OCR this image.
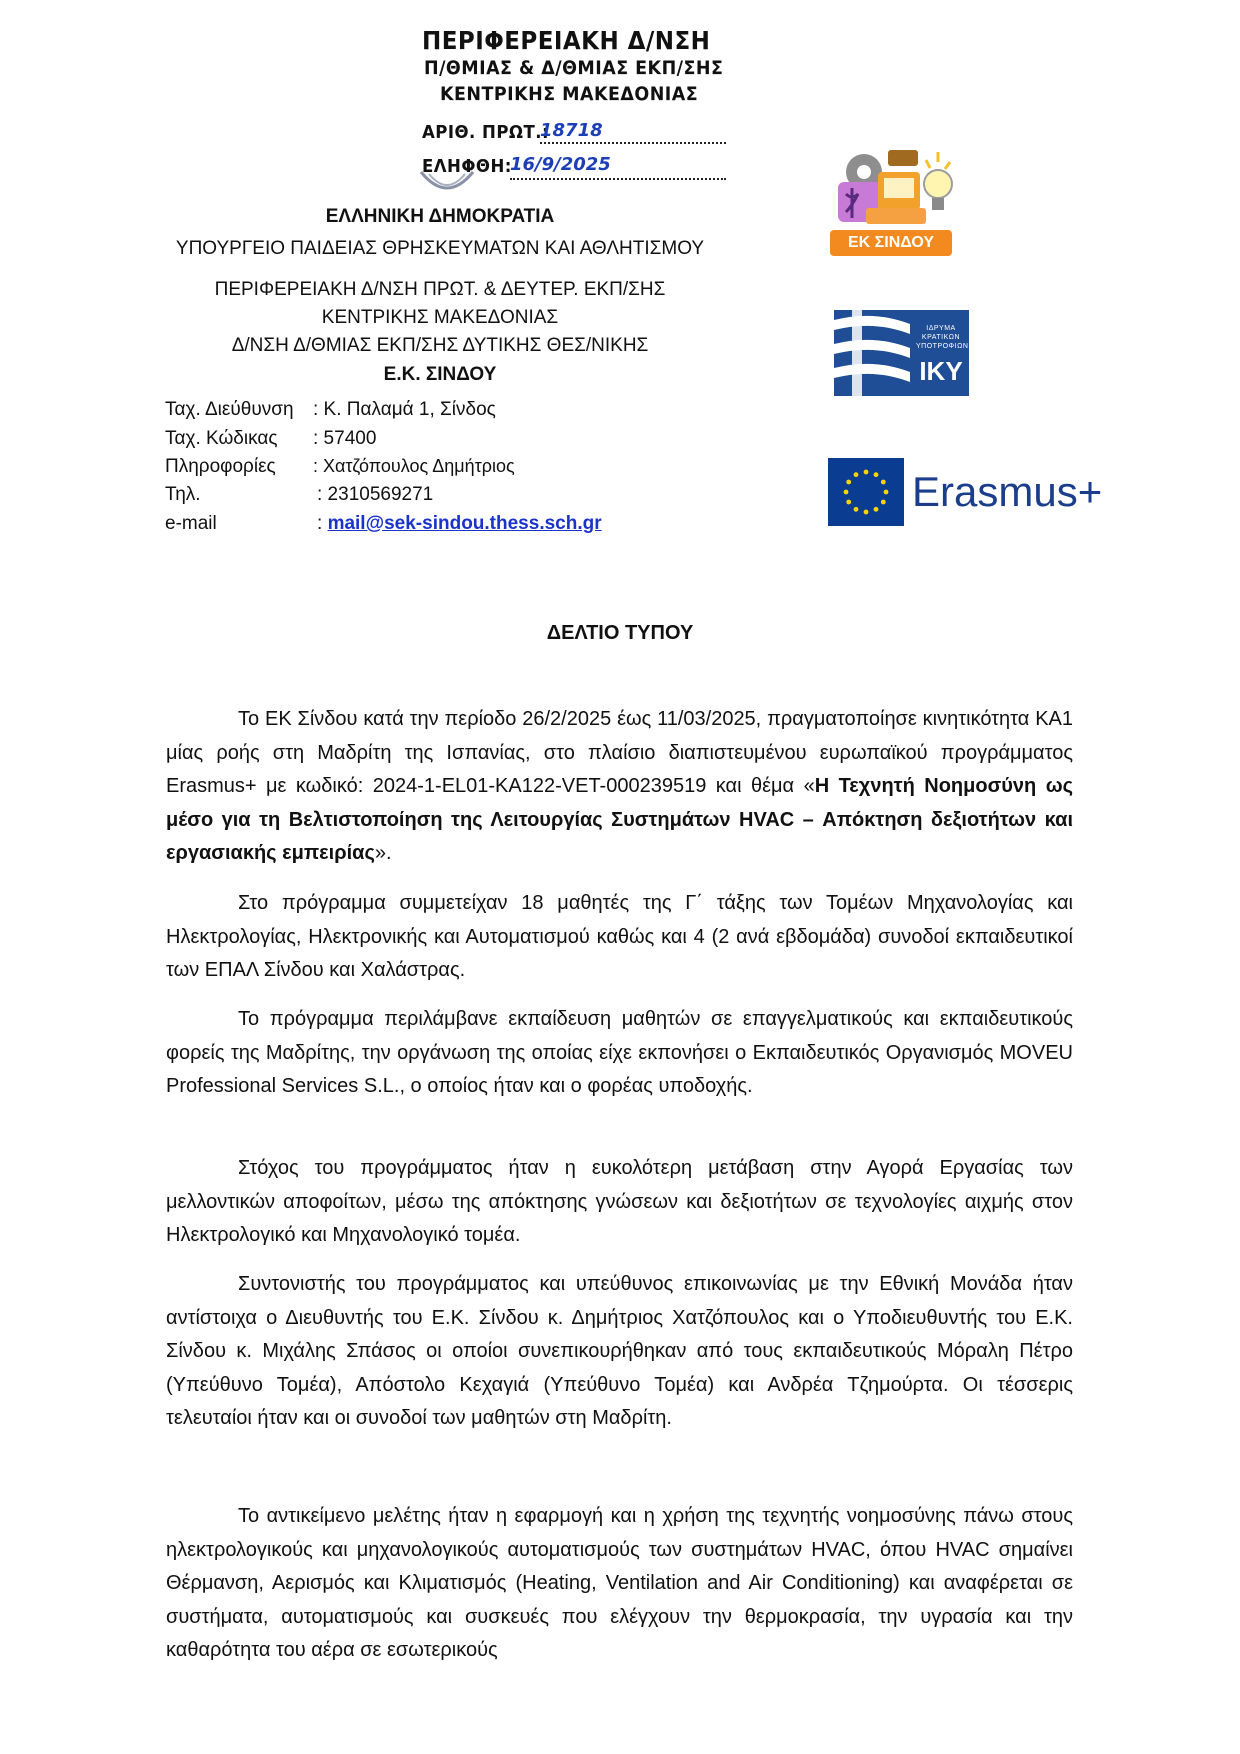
ΠΕΡΙΦΕΡΕΙΑΚΗ Δ/ΝΣΗ
Π/ΘΜΙΑΣ & Δ/ΘΜΙΑΣ ΕΚΠ/ΣΗΣ
ΚΕΝΤΡΙΚΗΣ ΜΑΚΕΔΟΝΙΑΣ
ΑΡΙΘ. ΠΡΩΤ.:
18718
ΕΛΗΦΘΗ:
16/9/2025
ΕΛΛΗΝΙΚΗ ΔΗΜΟΚΡΑΤΙΑ
ΥΠΟΥΡΓΕΙΟ ΠΑΙΔΕΙΑΣ ΘΡΗΣΚΕΥΜΑΤΩΝ ΚΑΙ ΑΘΛΗΤΙΣΜΟΥ
ΠΕΡΙΦΕΡΕΙΑΚΗ Δ/ΝΣΗ ΠΡΩΤ. & ΔΕΥΤΕΡ. ΕΚΠ/ΣΗΣ
ΚΕΝΤΡΙΚΗΣ ΜΑΚΕΔΟΝΙΑΣ
Δ/ΝΣΗ Δ/ΘΜΙΑΣ ΕΚΠ/ΣΗΣ ΔΥΤΙΚΗΣ ΘΕΣ/ΝΙΚΗΣ
Ε.Κ. ΣΙΝΔΟΥ
Ταχ. Διεύθυνση : Κ. Παλαμά 1, Σίνδος
Ταχ. Κώδικας : 57400
Πληροφορίες : Χατζόπουλος Δημήτριος
Τηλ.	: 2310569271
e-mail	: mail@sek-sindou.thess.sch.gr
ΕΚ ΣΙΝΔΟΥ
ΙΔΡΥΜΑ
ΚΡΑΤΙΚΩΝ
ΥΠΟΤΡΟΦΙΩΝ
ΙΚΥ
Erasmus+
ΔΕΛΤΙΟ ΤΥΠΟΥ
Το ΕΚ Σίνδου κατά την περίοδο 26/2/2025 έως 11/03/2025, πραγματοποίησε κινητικότητα ΚΑ1 μίας ροής στη Μαδρίτη της Ισπανίας, στο πλαίσιο διαπιστευμένου ευρωπαϊκού προγράμματος Erasmus+ με κωδικό: 2024-1-EL01-KA122-VET-000239519 και θέμα «Η Τεχνητή Νοημοσύνη ως μέσο για τη Βελτιστοποίηση της Λειτουργίας Συστημάτων HVAC – Απόκτηση δεξιοτήτων και εργασιακής εμπειρίας».
Στο πρόγραμμα συμμετείχαν 18 μαθητές της Γ΄ τάξης των Τομέων Μηχανολογίας και Ηλεκτρολογίας, Ηλεκτρονικής και Αυτοματισμού καθώς και 4 (2 ανά εβδομάδα) συνοδοί εκπαιδευτικοί των ΕΠΑΛ Σίνδου και Χαλάστρας.
Το πρόγραμμα περιλάμβανε εκπαίδευση μαθητών σε επαγγελματικούς και εκπαιδευτικούς φορείς της Μαδρίτης, την οργάνωση της οποίας είχε εκπονήσει ο Εκπαιδευτικός Οργανισμός MOVEU Professional Services S.L., ο οποίος ήταν και ο φορέας υποδοχής.
Στόχος του προγράμματος ήταν η ευκολότερη μετάβαση στην Αγορά Εργασίας των μελλοντικών αποφοίτων, μέσω της απόκτησης γνώσεων και δεξιοτήτων σε τεχνολογίες αιχμής στον Ηλεκτρολογικό και Μηχανολογικό τομέα.
Συντονιστής του προγράμματος και υπεύθυνος επικοινωνίας με την Εθνική Μονάδα ήταν αντίστοιχα ο Διευθυντής του Ε.Κ. Σίνδου κ. Δημήτριος Χατζόπουλος και ο Υποδιευθυντής του Ε.Κ. Σίνδου κ. Μιχάλης Σπάσος οι οποίοι συνεπικουρήθηκαν από τους εκπαιδευτικούς Μόραλη Πέτρο (Υπεύθυνο Τομέα), Απόστολο Κεχαγιά (Υπεύθυνο Τομέα) και Ανδρέα Τζημούρτα. Οι τέσσερις τελευταίοι ήταν και οι συνοδοί των μαθητών στη Μαδρίτη.
Το αντικείμενο μελέτης ήταν η εφαρμογή και η χρήση της τεχνητής νοημοσύνης πάνω στους ηλεκτρολογικούς και μηχανολογικούς αυτοματισμούς των συστημάτων HVAC, όπου HVAC σημαίνει Θέρμανση, Αερισμός και Κλιματισμός (Heating, Ventilation and Air Conditioning) και αναφέρεται σε συστήματα, αυτοματισμούς και συσκευές που ελέγχουν την θερμοκρασία, την υγρασία και την καθαρότητα του αέρα σε εσωτερικούς
